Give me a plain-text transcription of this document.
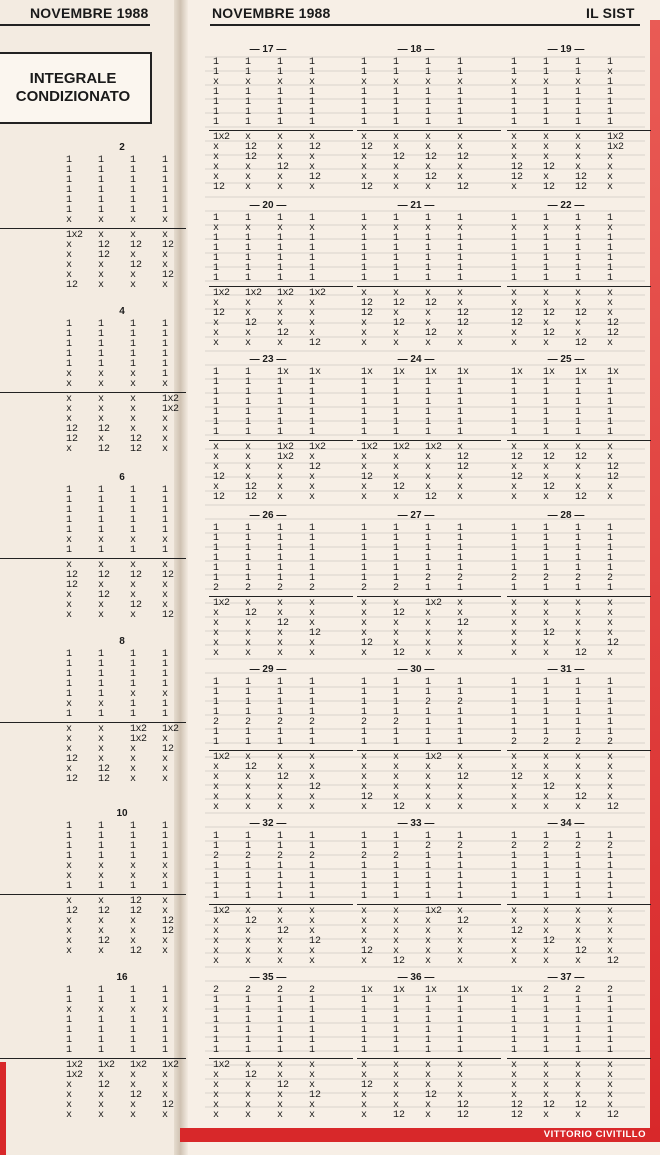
NOVEMBRE 1988	NOVEMBRE 1988	IL SIST
INTEGRALE
CONDIZIONATO
VITTORIO CIVITILLO
2
1	1	1	1
1	1	1	1
1	1	1	1
1	1	1	1
1	1	1	1
1	1	1	1
x	x	x	x
1x2	x	x	x
x	12	12	12
x	12	x	x
x	x	12	x
x	x	x	12
12	x	x	x
4
1	1	1	1
1	1	1	1
1	1	1	1
1	1	1	1
1	1	1	1
x	x	x	1
x	x	x	x
x	x	x	1x2
x	x	x	1x2
x	x	x	x
12	12	x	x
12	x	12	x
x	12	12	x
6
1	1	1	1
1	1	1	1
1	1	1	1
1	1	1	1
1	1	1	1
x	x	x	x
1	1	1	1
x	x	x	x
12	12	12	12
12	x	x	x
x	12	x	x
x	x	12	x
x	x	x	12
8
1	1	1	1
1	1	1	1
1	1	1	1
1	1	1	1
1	1	x	x
x	x	1	1
1	1	1	1
x	x	1x2	1x2
x	x	1x2	x
x	x	x	12
12	x	x	x
x	12	x	x
12	12	x	x
10
1	1	1	1
1	1	1	1
1	1	1	1
1	1	1	1
x	x	x	x
x	x	x	x
1	1	1	1
x	x	12	x
12	12	12	x
x	x	x	12
x	x	x	12
x	12	x	x
x	x	12	x
16
1	1	1	1
1	1	1	1
x	x	x	x
1	1	1	1
1	1	1	1
1	1	1	1
1	1	1	1
1x2	1x2	1x2	1x2
1x2	x	x	x
x	12	x	x
x	x	12	x
x	x	x	12
x	x	x	x
— 17 —
1	1	1	1
1	1	1	1
x	x	x	x
1	1	1	1
1	1	1	1
1	1	1	1
1	1	1	1
1x2	x	x	x
x	12	x	12
x	12	x	x
x	x	12	x
x	x	x	12
12	x	x	x
— 18 —
1	1	1	1
1	1	1	1
x	x	x	x
1	1	1	1
1	1	1	1
1	1	1	1
1	1	1	1
x	x	x	x
12	x	x	x
x	12	12	12
x	x	x	x
x	x	12	x
12	x	x	12
— 19 —
1	1	1	1
1	1	1	x
x	x	x	1
1	1	1	1
1	1	1	1
1	1	1	1
1	1	1	1
x	x	x	1x2
x	x	x	1x2
x	x	x	x
12	12	x	x
12	x	12	x
x	12	12	x
— 20 —
1	1	1	1
x	x	x	x
1	1	1	1
1	1	1	1
1	1	1	1
1	1	1	1
1	1	1	1
1x2	1x2	1x2	1x2
x	x	x	x
12	x	x	x
x	12	x	x
x	x	12	x
x	x	x	12
— 21 —
1	1	1	1
x	x	x	x
1	1	1	1
1	1	1	1
1	1	1	1
1	1	1	1
1	1	1	1
x	x	x	x
12	12	12	x
12	x	x	12
x	12	x	12
x	x	12	x
x	x	x	x
— 22 —
1	1	1	1
x	x	x	x
1	1	1	1
1	1	1	1
1	1	1	1
1	1	1	1
1	1	1	1
x	x	x	x
x	x	x	x
12	12	12	x
12	x	x	12
x	12	x	12
x	x	12	x
— 23 —
1	1	1x	1x
1	1	1	1
1	1	1	1
1	1	1	1
1	1	1	1
1	1	1	1
1	1	1	1
x	x	1x2	1x2
x	x	1x2	x
x	x	x	12
12	x	x	x
x	12	x	x
12	12	x	x
— 24 —
1x	1x	1x	1x
1	1	1	1
1	1	1	1
1	1	1	1
1	1	1	1
1	1	1	1
1	1	1	1
1x2	1x2	1x2	x
x	x	x	12
x	x	x	12
12	x	x	x
x	12	x	x
x	x	12	x
— 25 —
1x	1x	1x	1x
1	1	1	1
1	1	1	1
1	1	1	1
1	1	1	1
1	1	1	1
1	1	1	1
x	x	x	x
12	12	12	x
x	x	x	12
12	x	x	12
x	12	x	x
x	x	12	x
— 26 —
1	1	1	1
1	1	1	1
1	1	1	1
1	1	1	1
1	1	1	1
1	1	1	1
2	2	2	2
1x2	x	x	x
x	12	x	x
x	x	12	x
x	x	x	12
x	x	x	x
x	x	x	x
— 27 —
1	1	1	1
1	1	1	1
1	1	1	1
1	1	1	1
1	1	1	1
1	1	2	2
2	2	1	1
x	x	1x2	x
x	12	x	x
x	x	x	12
x	x	x	x
12	x	x	x
x	12	x	x
— 28 —
1	1	1	1
1	1	1	1
1	1	1	1
1	1	1	1
1	1	1	1
2	2	2	2
1	1	1	1
x	x	x	x
x	x	x	x
x	x	x	x
x	12	x	x
x	x	x	12
x	x	12	x
— 29 —
1	1	1	1
1	1	1	1
1	1	1	1
1	1	1	1
2	2	2	2
1	1	1	1
1	1	1	1
1x2	x	x	x
x	12	x	x
x	x	12	x
x	x	x	12
x	x	x	x
x	x	x	x
— 30 —
1	1	1	1
1	1	1	1
1	1	2	2
1	1	1	1
2	2	1	1
1	1	1	1
1	1	1	1
x	x	1x2	x
x	x	x	x
x	x	x	12
x	x	x	x
12	x	x	x
x	12	x	x
— 31 —
1	1	1	1
1	1	1	1
1	1	1	1
1	1	1	1
1	1	1	1
1	1	1	1
2	2	2	2
x	x	x	x
x	x	x	x
12	x	x	x
x	12	x	x
x	x	12	x
x	x	x	12
— 32 —
1	1	1	1
1	1	1	1
2	2	2	2
1	1	1	1
1	1	1	1
1	1	1	1
1	1	1	1
1x2	x	x	x
x	12	x	x
x	x	12	x
x	x	x	12
x	x	x	x
x	x	x	x
— 33 —
1	1	1	1
1	1	2	2
2	2	1	1
1	1	1	1
1	1	1	1
1	1	1	1
1	1	1	1
x	x	1x2	x
x	x	x	12
x	x	x	x
x	x	x	x
12	x	x	x
x	12	x	x
— 34 —
1	1	1	1
2	2	2	2
1	1	1	1
1	1	1	1
1	1	1	1
1	1	1	1
1	1	1	1
x	x	x	x
x	x	x	x
12	x	x	x
x	12	x	x
x	x	12	x
x	x	x	12
— 35 —
2	2	2	2
1	1	1	1
1	1	1	1
1	1	1	1
1	1	1	1
1	1	1	1
1	1	1	1
1x2	x	x	x
x	12	x	x
x	x	12	x
x	x	x	12
x	x	x	x
x	x	x	x
— 36 —
1x	1x	1x	1x
1	1	1	1
1	1	1	1
1	1	1	1
1	1	1	1
1	1	1	1
1	1	1	1
x	x	x	x
x	x	x	x
12	x	x	x
x	x	12	x
x	x	x	12
x	12	x	12
— 37 —
1x	2	2	2
1	1	1	1
1	1	1	1
1	1	1	1
1	1	1	1
1	1	1	1
1	1	1	1
x	x	x	x
x	x	x	x
x	x	x	x
x	x	x	x
12	12	12	x
12	x	x	12
